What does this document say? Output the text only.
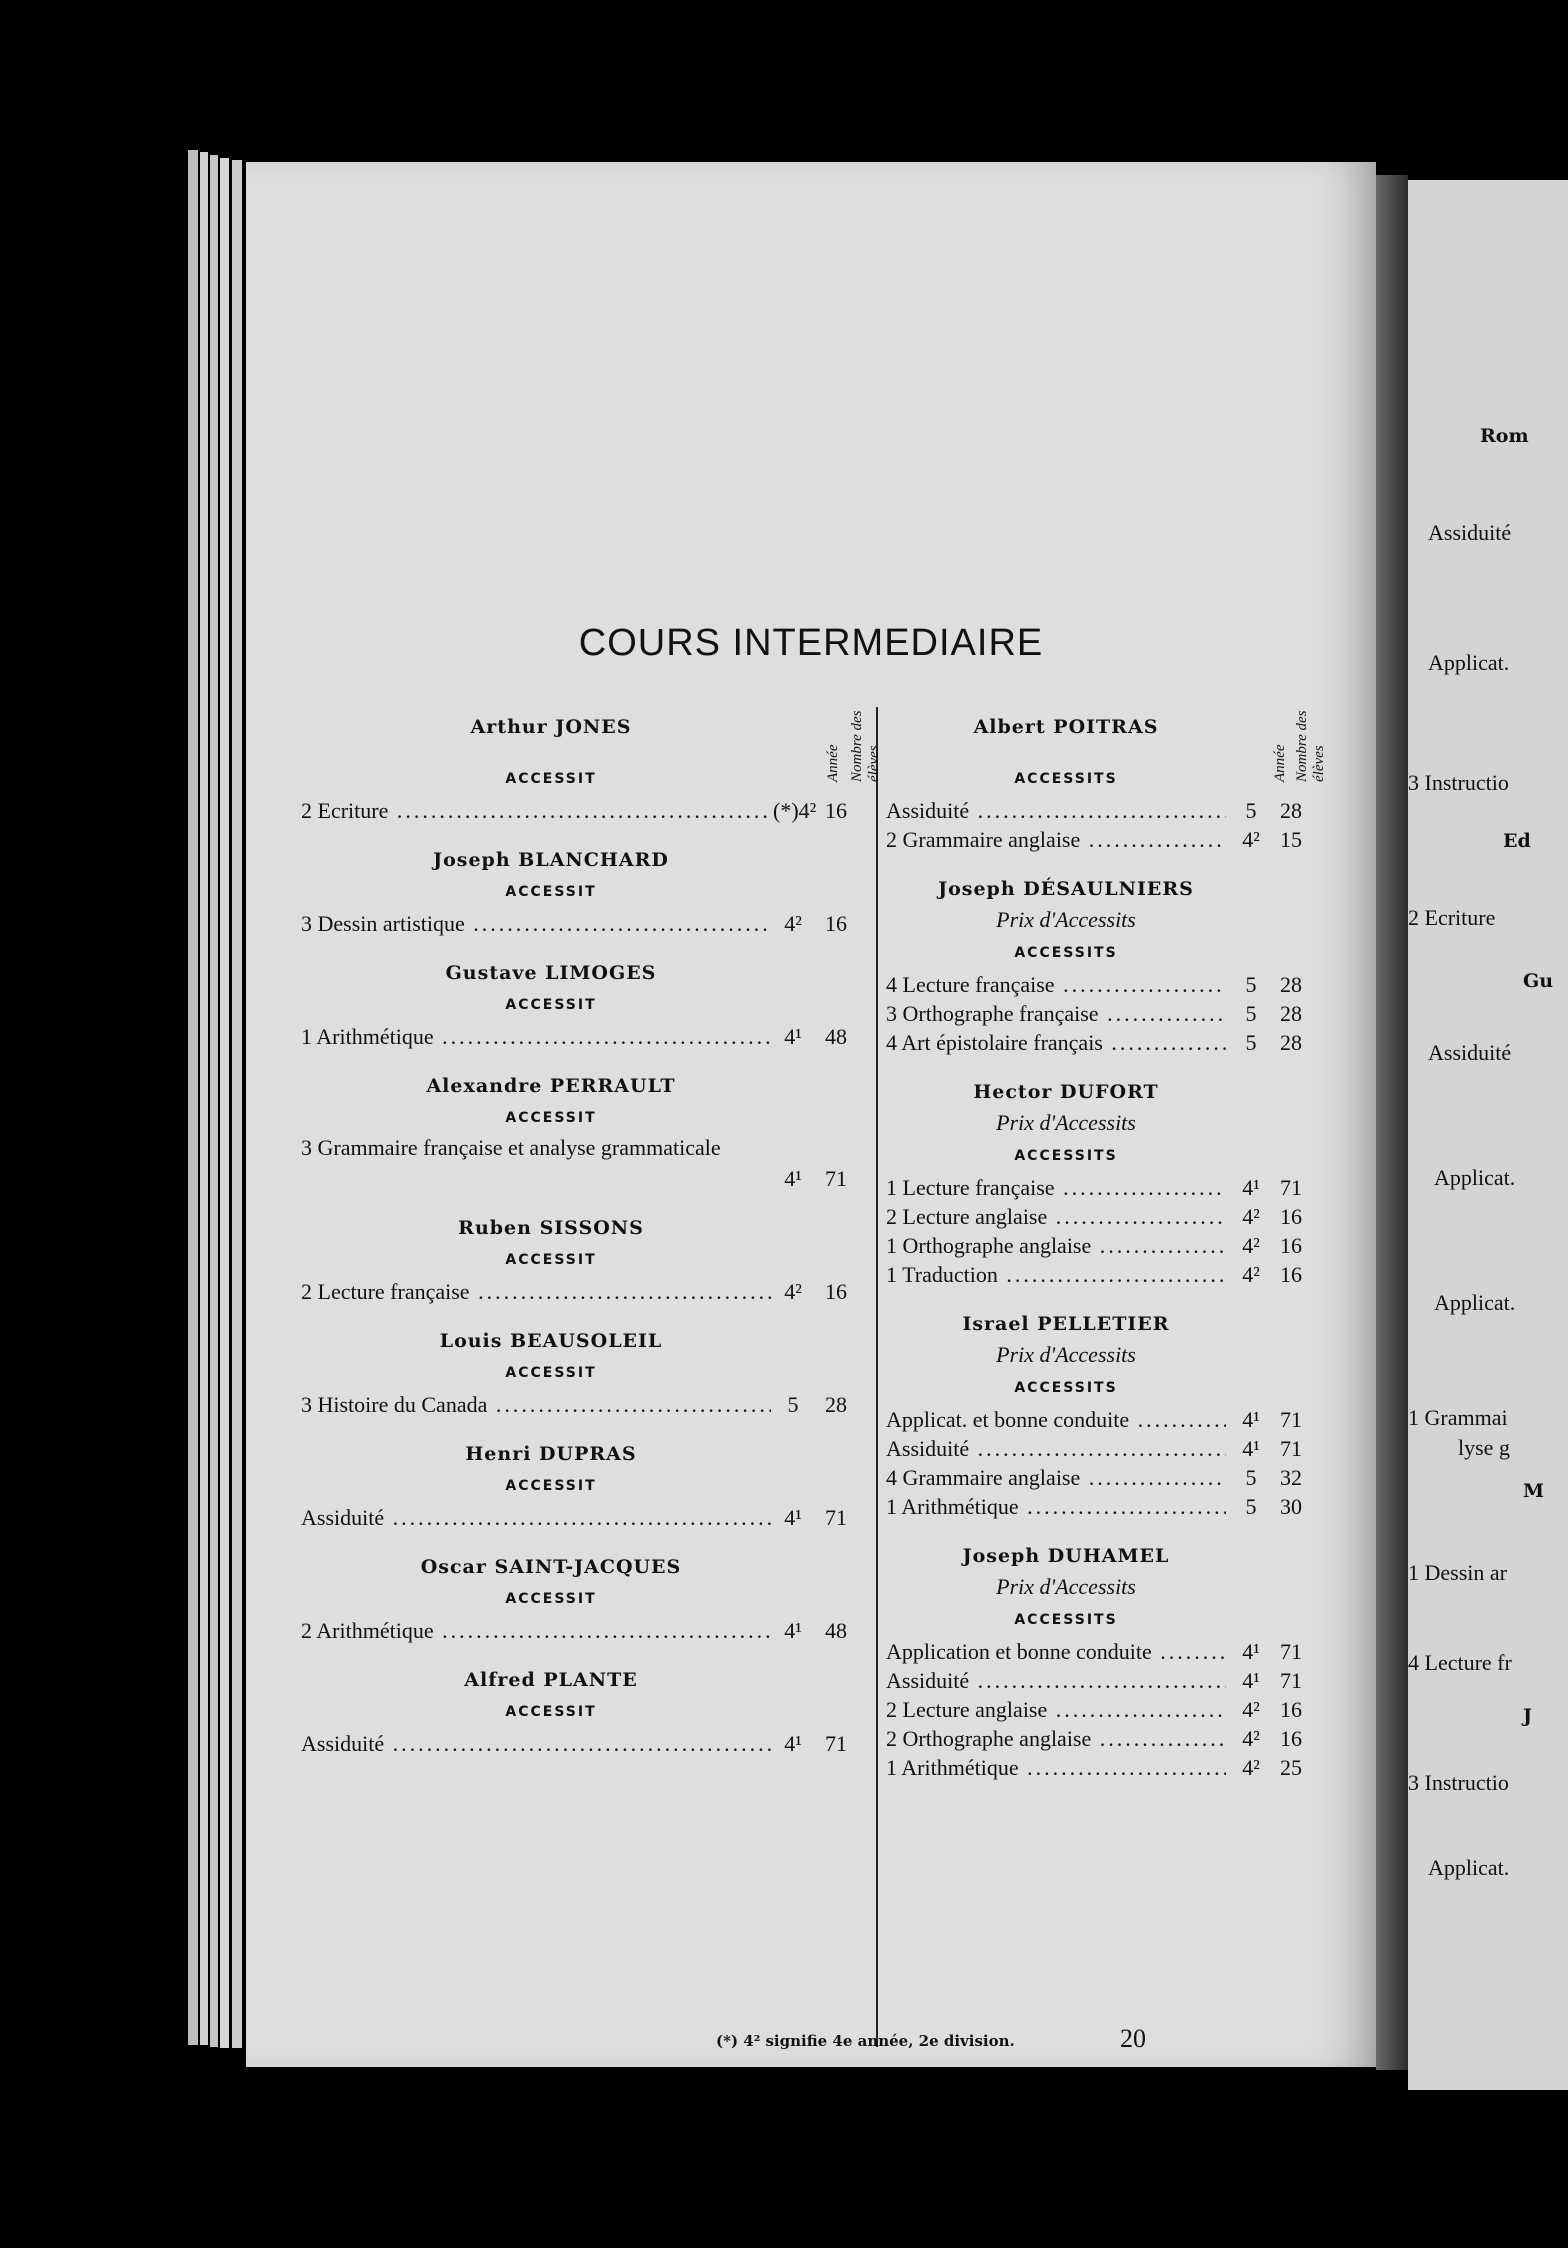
COURS INTERMEDIAIRE
Arthur JONES
Année Nombre des élèves
ACCESSIT
2 Ecriture .....	(*)4² 16
Joseph BLANCHARD
ACCESSIT
3 Dessin artistique .....	4²	16
Gustave LIMOGES
ACCESSIT
1 Arithmétique .....	4¹	48
Alexandre PERRAULT
ACCESSIT
3 Grammaire française et analyse grammaticale
4¹	71
Ruben SISSONS
ACCESSIT
2 Lecture française .....	4²	16
Louis BEAUSOLEIL
ACCESSIT
3 Histoire du Canada .....	5	28
Henri DUPRAS
ACCESSIT
Assiduité .....	4¹	71
Oscar SAINT-JACQUES
ACCESSIT
2 Arithmétique .....	4¹	48
Alfred PLANTE
ACCESSIT
Assiduité .....	4¹	71
Albert POITRAS
Année Nombre des élèves
ACCESSITS
Assiduité .....	5	28
2 Grammaire anglaise .....	4² 15
Joseph DÉSAULNIERS
Prix d'Accessits
ACCESSITS
4 Lecture française .....	5	28
3 Orthographe française .....	5	28
4 Art épistolaire français .....	5	28
Hector DUFORT
Prix d'Accessits
ACCESSITS
1 Lecture française .....	4¹ 71
2 Lecture anglaise .....	4² 16
1 Orthographe anglaise .....	4² 16
1 Traduction .....	4² 16
Israel PELLETIER
Prix d'Accessits
ACCESSITS
Applicat. et bonne conduite .....	4¹ 71
Assiduité .....	4¹ 71
4 Grammaire anglaise .....	5	32
1 Arithmétique .....	5	30
Joseph DUHAMEL
Prix d'Accessits
ACCESSITS
Application et bonne conduite .....	4¹ 71
Assiduité .....	4¹ 71
2 Lecture anglaise .....	4² 16
2 Orthographe anglaise .....	4² 16
1 Arithmétique .....	4² 25
(*) 4² signifie 4e année, 2e division.	20
Rom
Assiduité
Applicat.
3 Instructio
Ed
2 Ecriture
Gu
Assiduité
Applicat.
Applicat.
1 Grammai
lyse g
M
1 Dessin ar
4 Lecture fr
J
3 Instructio
Applicat.
